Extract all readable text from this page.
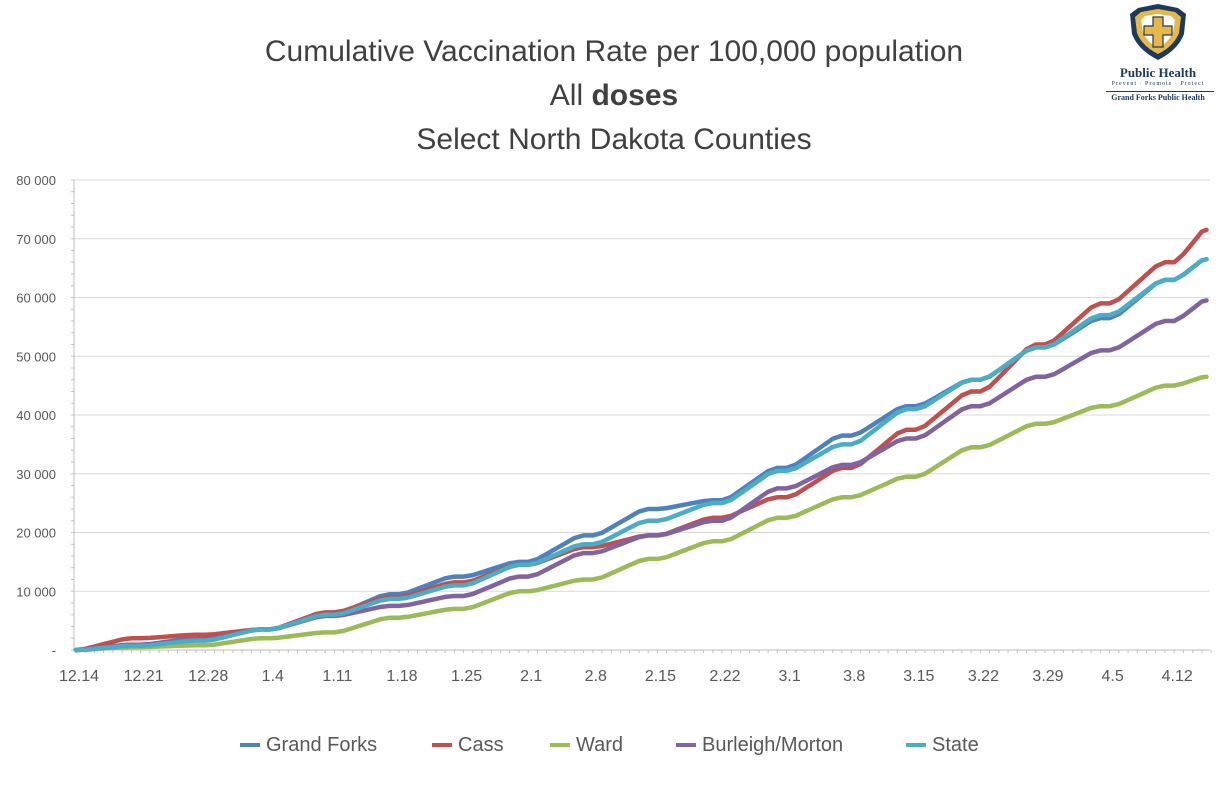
Cumulative Vaccination Rate per 100,000 population
All doses
Select North Dakota Counties
Public Health
Prevent · Promote · Protect
Grand Forks Public Health
-
10 000
20 000
30 000
40 000
50 000
60 000
70 000
80 000
12.14 12.21 12.28 1.4 1.11 1.18 1.25 2.1	2.8 2.15 2.22 3.1	3.8 3.15 3.22 3.29 4.5 4.12
Grand Forks	Cass	Ward	Burleigh/Morton	State
